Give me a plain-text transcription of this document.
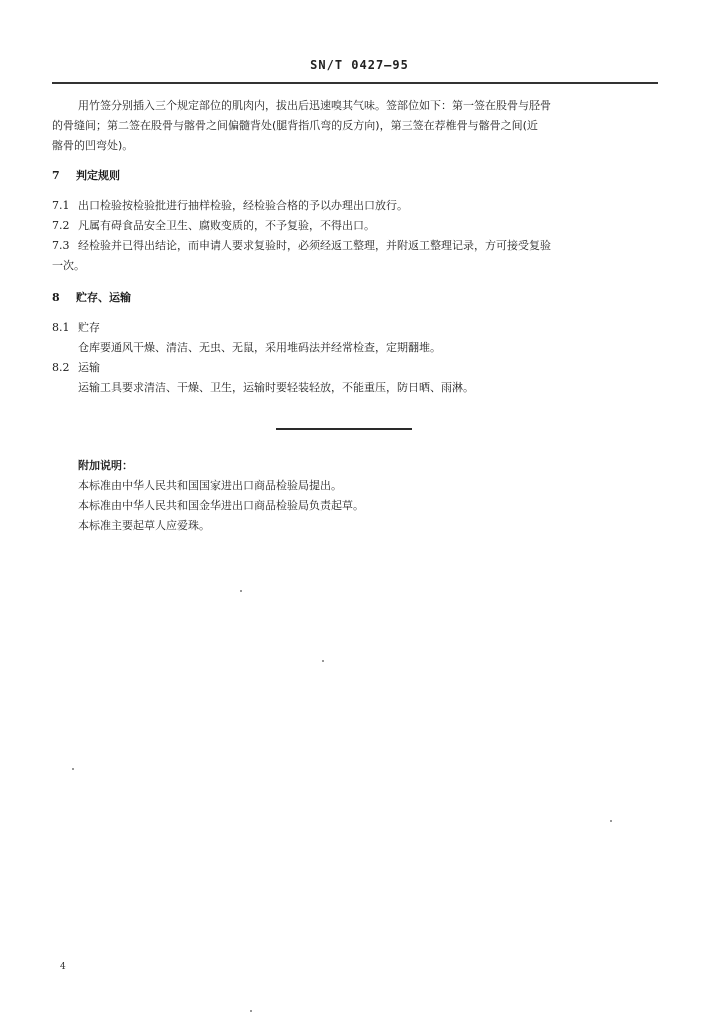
SN/T 0427—95
用竹签分别插入三个规定部位的肌肉内，拔出后迅速嗅其气味。签部位如下：第一签在股骨与胫骨
的骨缝间；第二签在股骨与髂骨之间偏髓背处(腿背指爪弯的反方向)，第三签在荐椎骨与髂骨之间(近
髂骨的凹弯处)。
7 判定规则
7.1 出口检验按检验批进行抽样检验，经检验合格的予以办理出口放行。
7.2 凡属有碍食品安全卫生、腐败变质的，不予复验，不得出口。
7.3 经检验并已得出结论，而申请人要求复验时，必须经返工整理，并附返工整理记录，方可接受复验
一次。
8 贮存、运输
8.1 贮存
仓库要通风干燥、清洁、无虫、无鼠，采用堆码法并经常检查，定期翻堆。
8.2 运输
运输工具要求清洁、干燥、卫生，运输时要轻装轻放，不能重压，防日晒、雨淋。
附加说明：
本标准由中华人民共和国国家进出口商品检验局提出。
本标准由中华人民共和国金华进出口商品检验局负责起草。
本标准主要起草人应爱珠。
4
